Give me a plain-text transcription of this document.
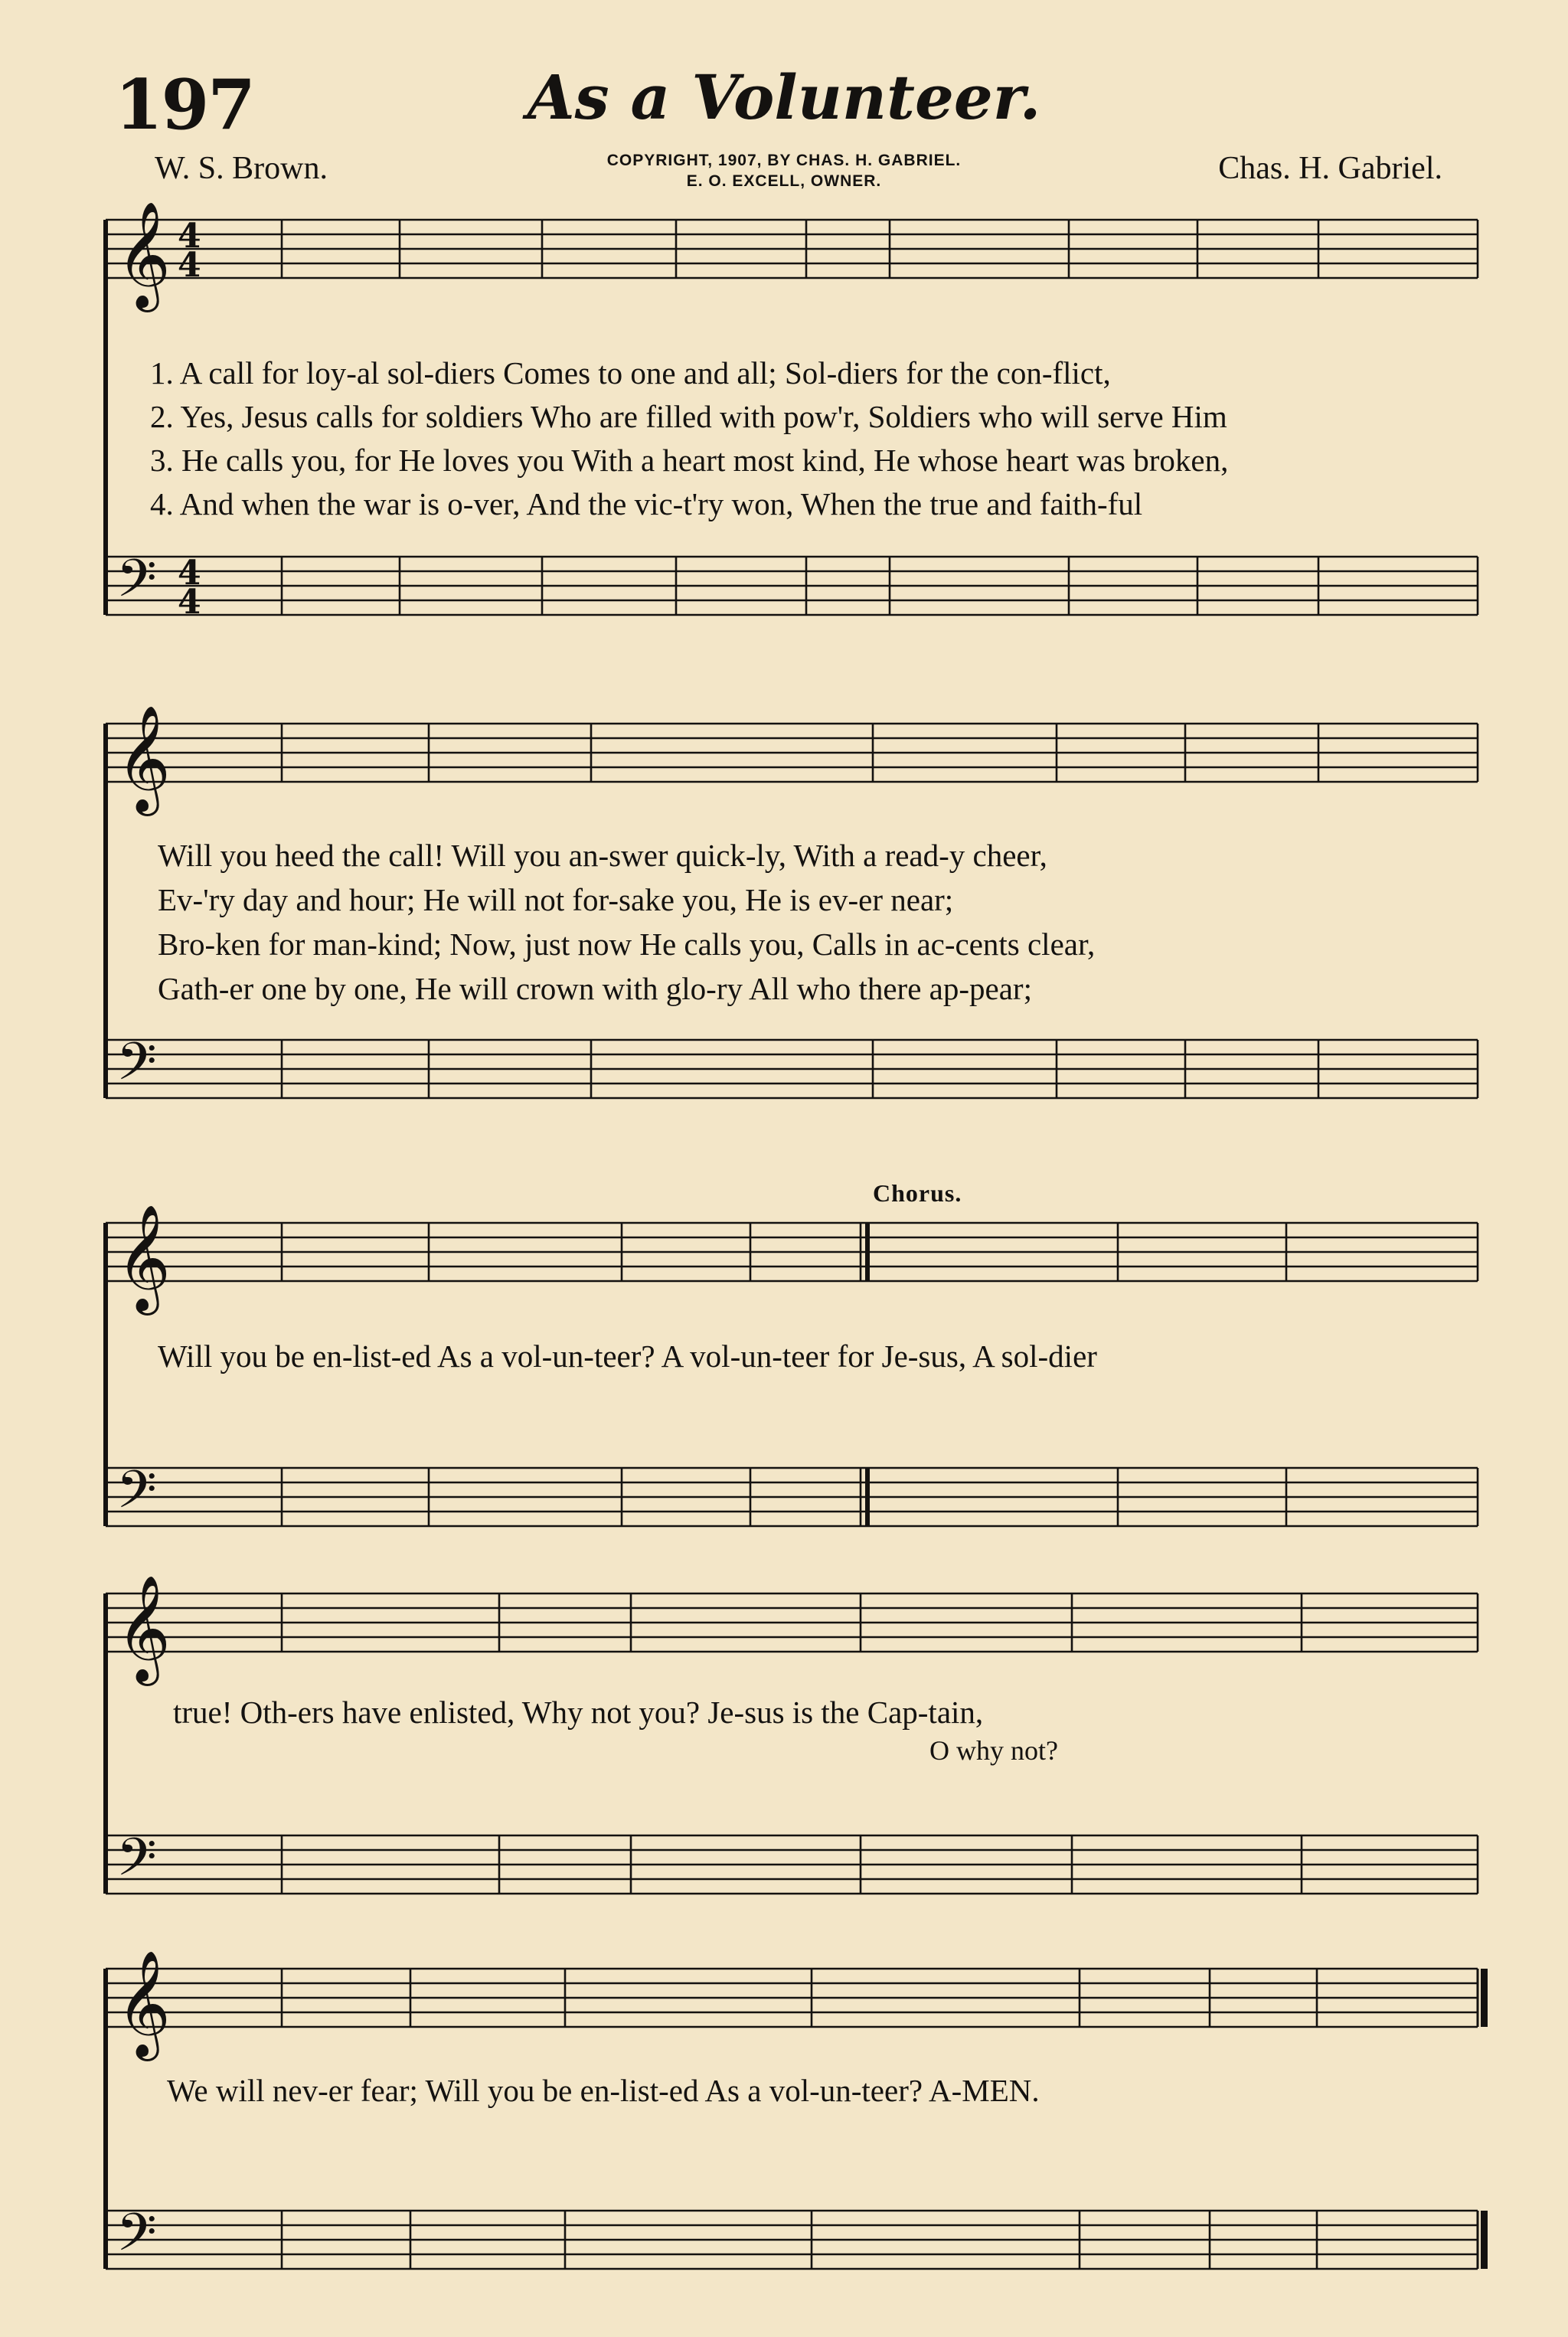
197	As a Volunteer.
W. S. Brown.	Chas. H. Gabriel.
COPYRIGHT, 1907, BY CHAS. H. GABRIEL.
E. O. EXCELL, OWNER.
Chorus.
𝄞
𝄢
4
4
4
4
𝄞
𝄢
𝄞
𝄢
𝄞
𝄢
𝄞
𝄢
1. A call for loy-al sol-diers Comes to one and all; Sol-diers for the con-flict,
2. Yes, Jesus calls for soldiers Who are filled with pow'r, Soldiers who will serve Him
3. He calls you, for He loves you With a heart most kind, He whose heart was broken,
4. And when the war is o-ver, And the vic-t'ry won, When the true and faith-ful
Will you heed the call! Will you an-swer quick-ly, With a read-y cheer,
Ev-'ry day and hour; He will not for-sake you, He is ev-er near;
Bro-ken for man-kind; Now, just now He calls you, Calls in ac-cents clear,
Gath-er one by one, He will crown with glo-ry All who there ap-pear;
Will you be en-list-ed As a vol-un-teer? A vol-un-teer for Je-sus, A sol-dier
true! Oth-ers have enlisted, Why not you? Je-sus is the Cap-tain,
O why not?
We will nev-er fear; Will you be en-list-ed As a vol-un-teer? A-MEN.
